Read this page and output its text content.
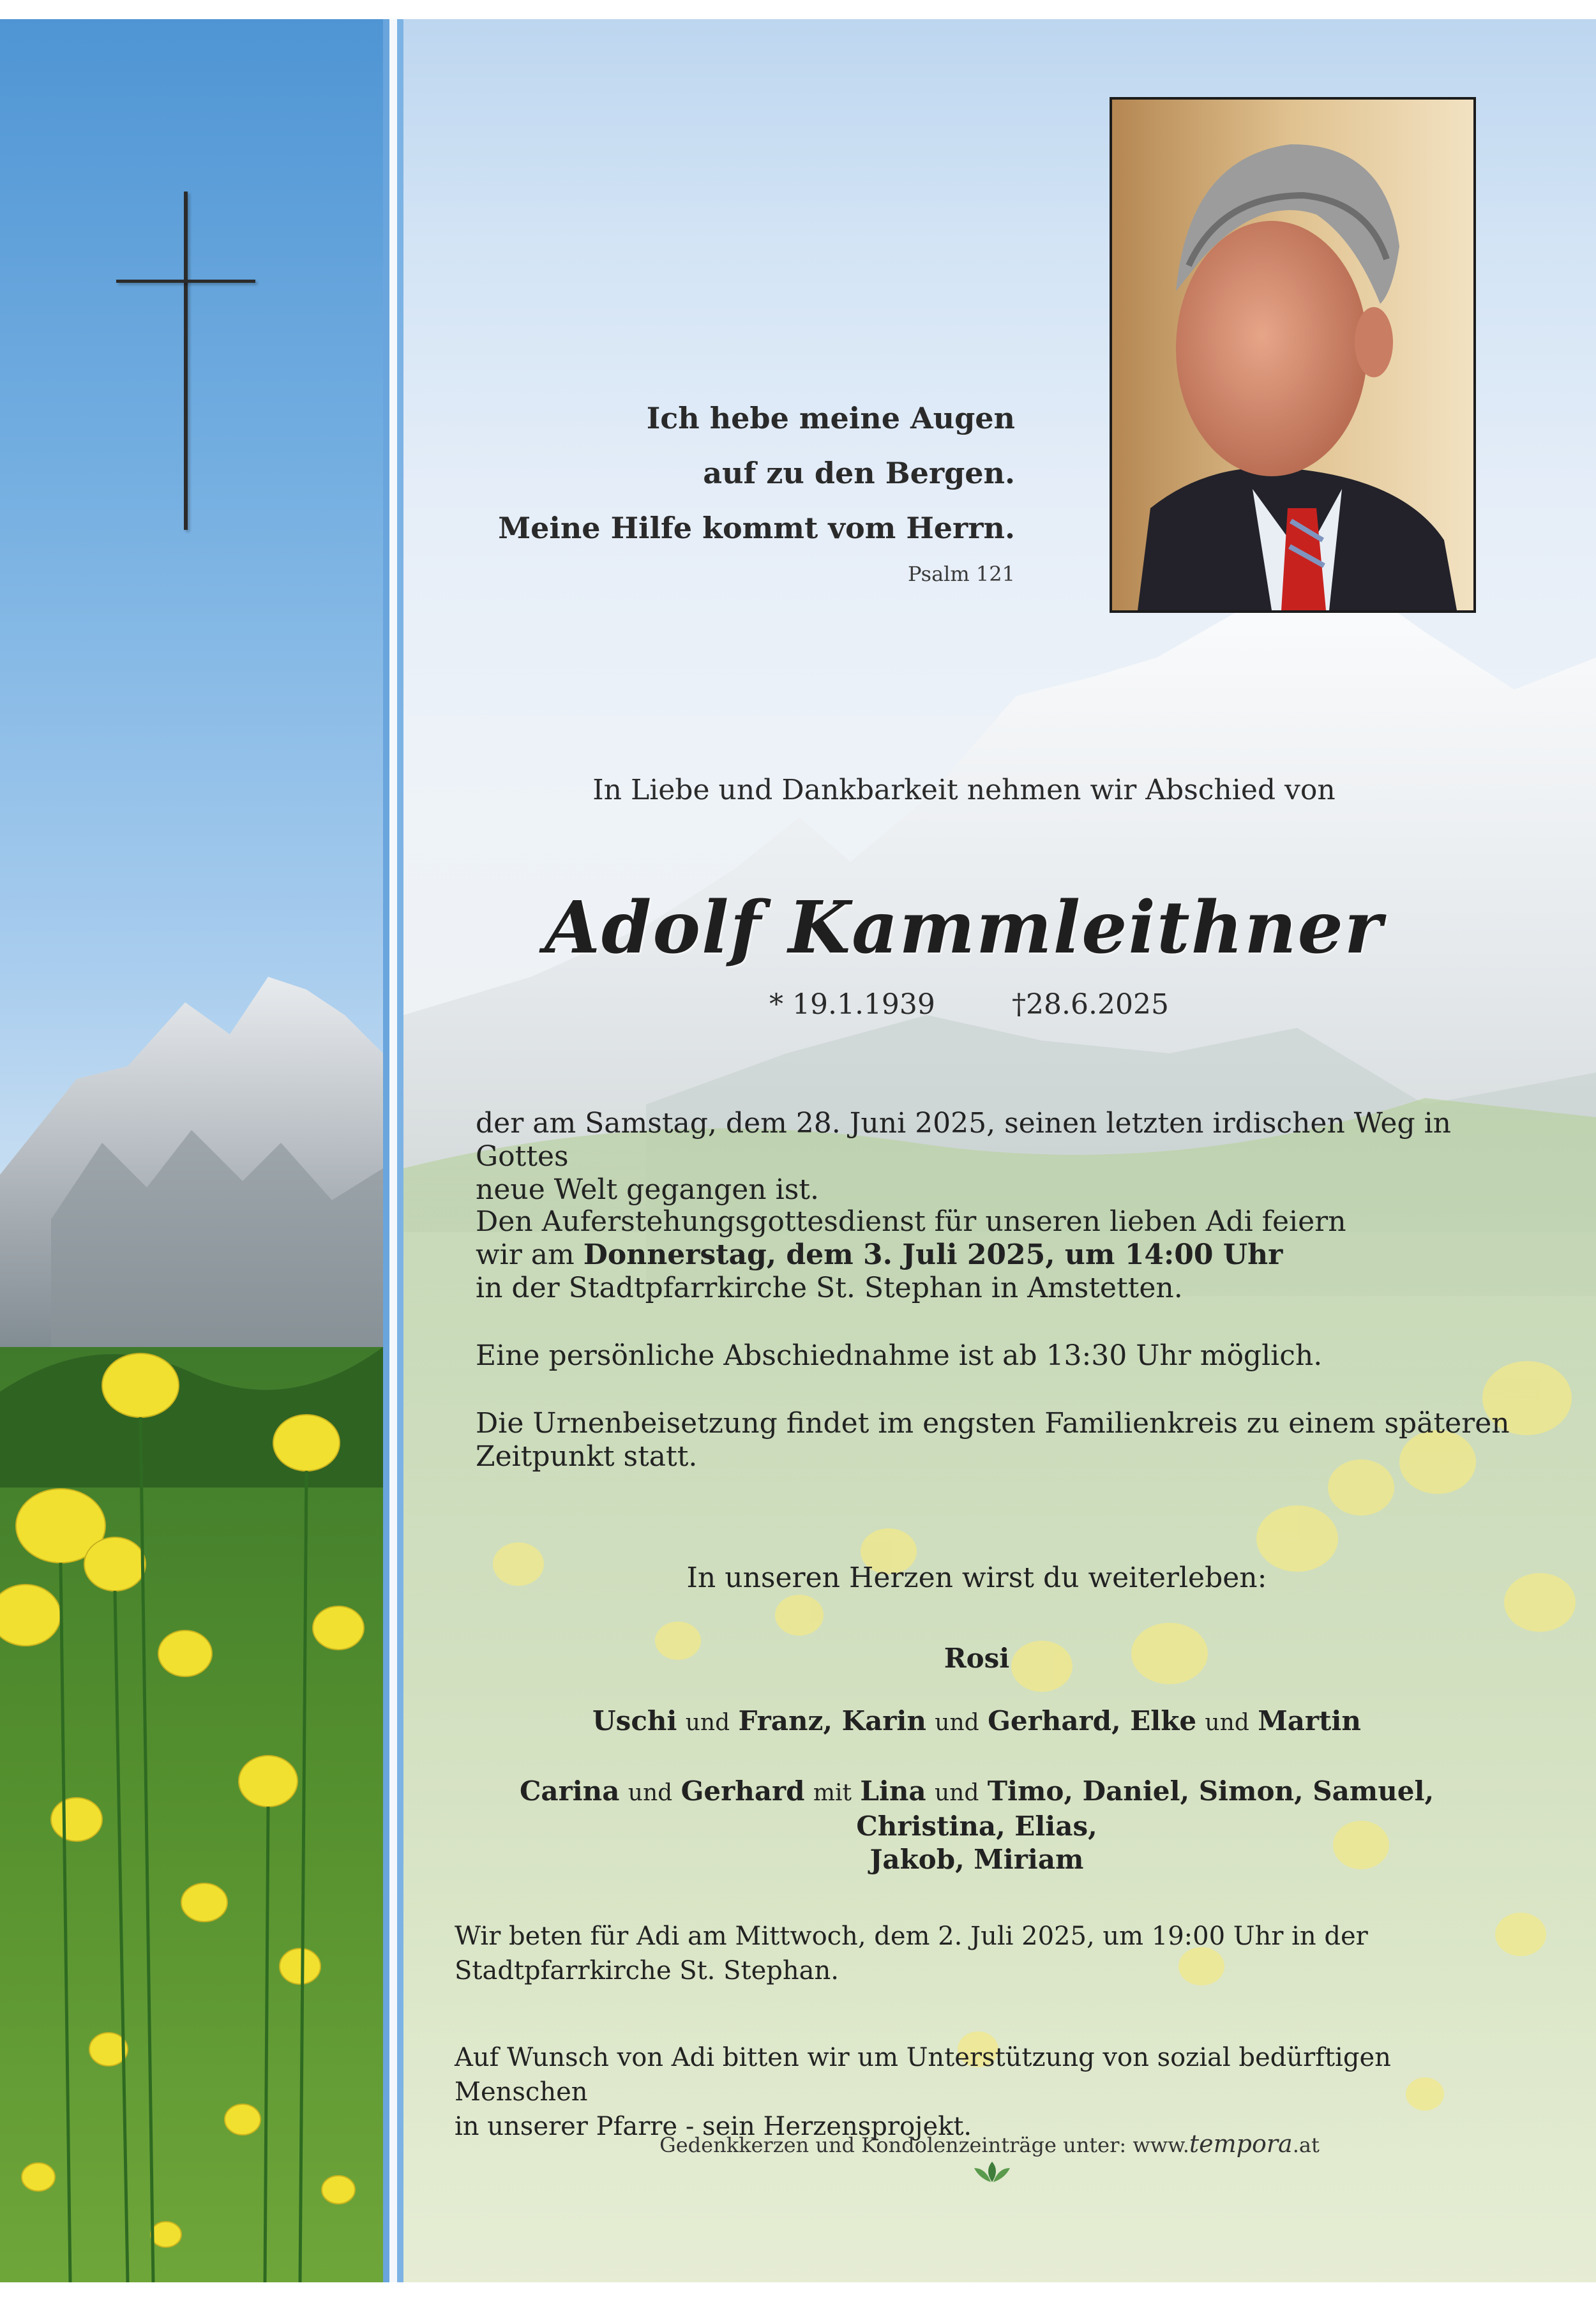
Ich hebe meine Augen
auf zu den Bergen.
Meine Hilfe kommt vom Herrn.
Psalm 121
In Liebe und Dankbarkeit nehmen wir Abschied von
Adolf Kammleithner
* 19.1.1939	†28.6.2025
der am Samstag, dem 28. Juni 2025, seinen letzten irdischen Weg in Gottes
neue Welt gegangen ist.
Den Auferstehungsgottesdienst für unseren lieben Adi feiern
wir am Donnerstag, dem 3. Juli 2025, um 14:00 Uhr
in der Stadtpfarrkirche St. Stephan in Amstetten.
Eine persönliche Abschiednahme ist ab 13:30 Uhr möglich.
Die Urnenbeisetzung findet im engsten Familienkreis zu einem späteren
Zeitpunkt statt.
In unseren Herzen wirst du weiterleben:
Rosi
Uschi und Franz, Karin und Gerhard, Elke und Martin
Carina und Gerhard mit Lina und Timo, Daniel, Simon, Samuel, Christina, Elias,
Jakob, Miriam
Wir beten für Adi am Mittwoch, dem 2. Juli 2025, um 19:00 Uhr in der
Stadtpfarrkirche St. Stephan.
Auf Wunsch von Adi bitten wir um Unterstützung von sozial bedürftigen Menschen
in unserer Pfarre - sein Herzensprojekt.
Gedenkkerzen und Kondolenzeinträge unter: www.tempora.at
